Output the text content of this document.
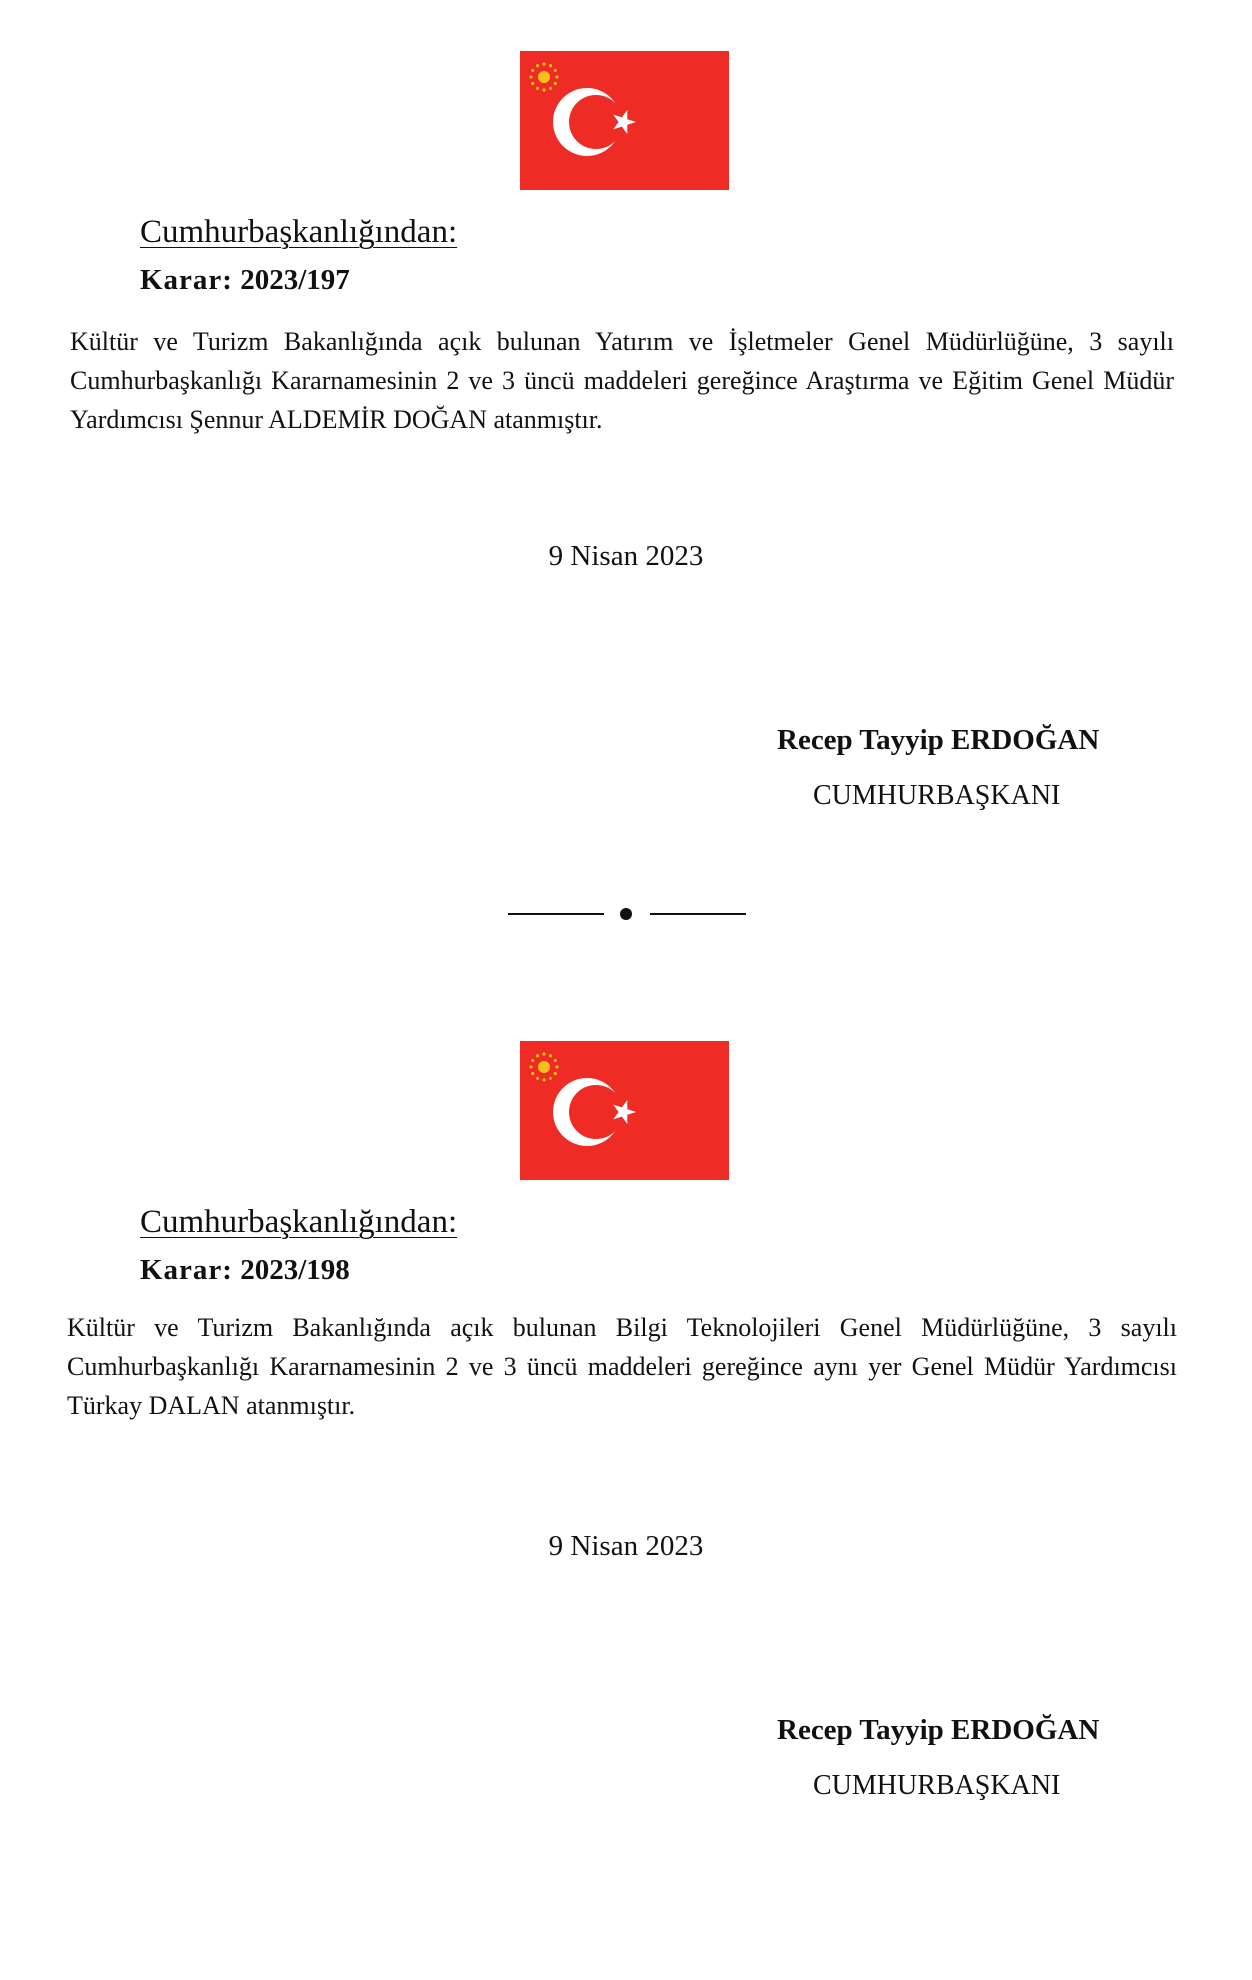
Cumhurbaşkanlığından:
Karar: 2023/197

Kültür ve Turizm Bakanlığında açık bulunan Yatırım ve İşletmeler Genel Müdürlüğüne, 3 sayılı Cumhurbaşkanlığı Kararnamesinin 2 ve 3 üncü maddeleri gereğince Araştırma ve Eğitim Genel Müdür Yardımcısı Şennur ALDEMİR DOĞAN atanmıştır.

9 Nisan 2023
Recep Tayyip ERDOĞAN
CUMHURBAŞKANI
Cumhurbaşkanlığından:
Karar: 2023/198

Kültür ve Turizm Bakanlığında açık bulunan Bilgi Teknolojileri Genel Müdürlüğüne, 3 sayılı Cumhurbaşkanlığı Kararnamesinin 2 ve 3 üncü maddeleri gereğince aynı yer Genel Müdür Yardımcısı Türkay DALAN atanmıştır.

9 Nisan 2023
Recep Tayyip ERDOĞAN
CUMHURBAŞKANI
